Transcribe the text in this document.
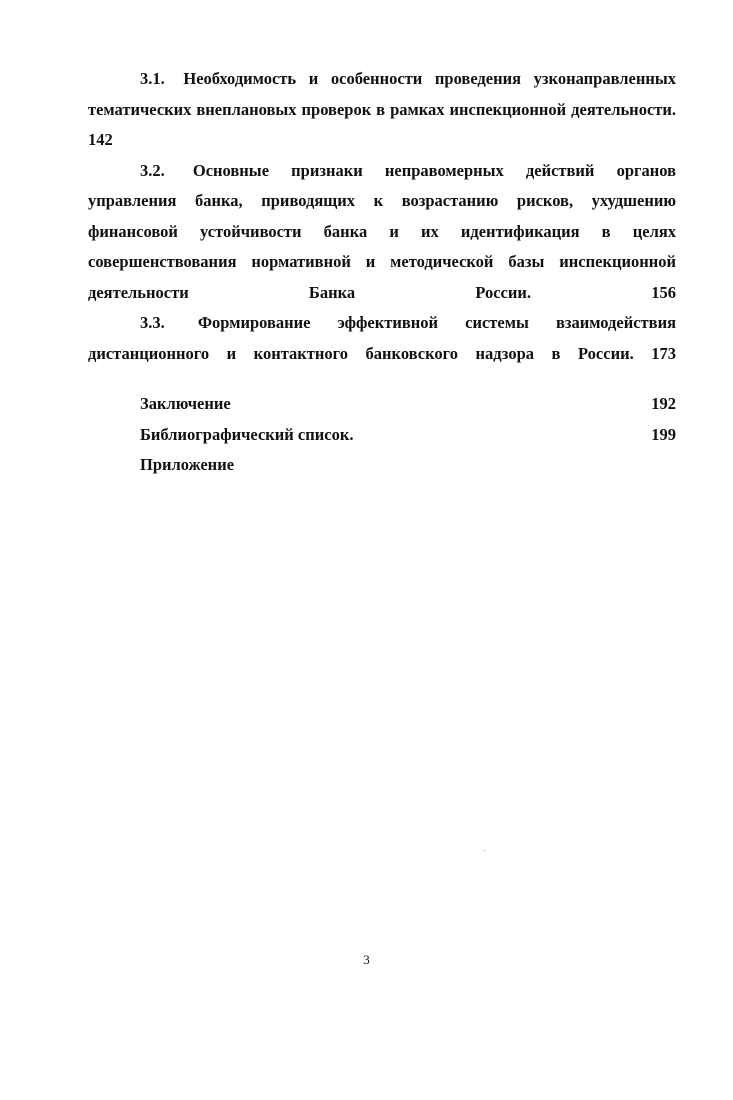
3.1. Необходимость и особенности проведения узконаправленных тематических внеплановых проверок в рамках инспекционной деятельности. 142

3.2. Основные признаки неправомерных действий органов управления банка, приводящих к возрастанию рисков, ухудшению финансовой устойчивости банка и их идентификация в целях совершенствования нормативной и методической базы инспекционной деятельности Банка России.	156

3.3. Формирование эффективной системы взаимодействия дистанционного и контактного банковского надзора в России. 173

Заключение	192
Библиографический список.	199
Приложение
3
